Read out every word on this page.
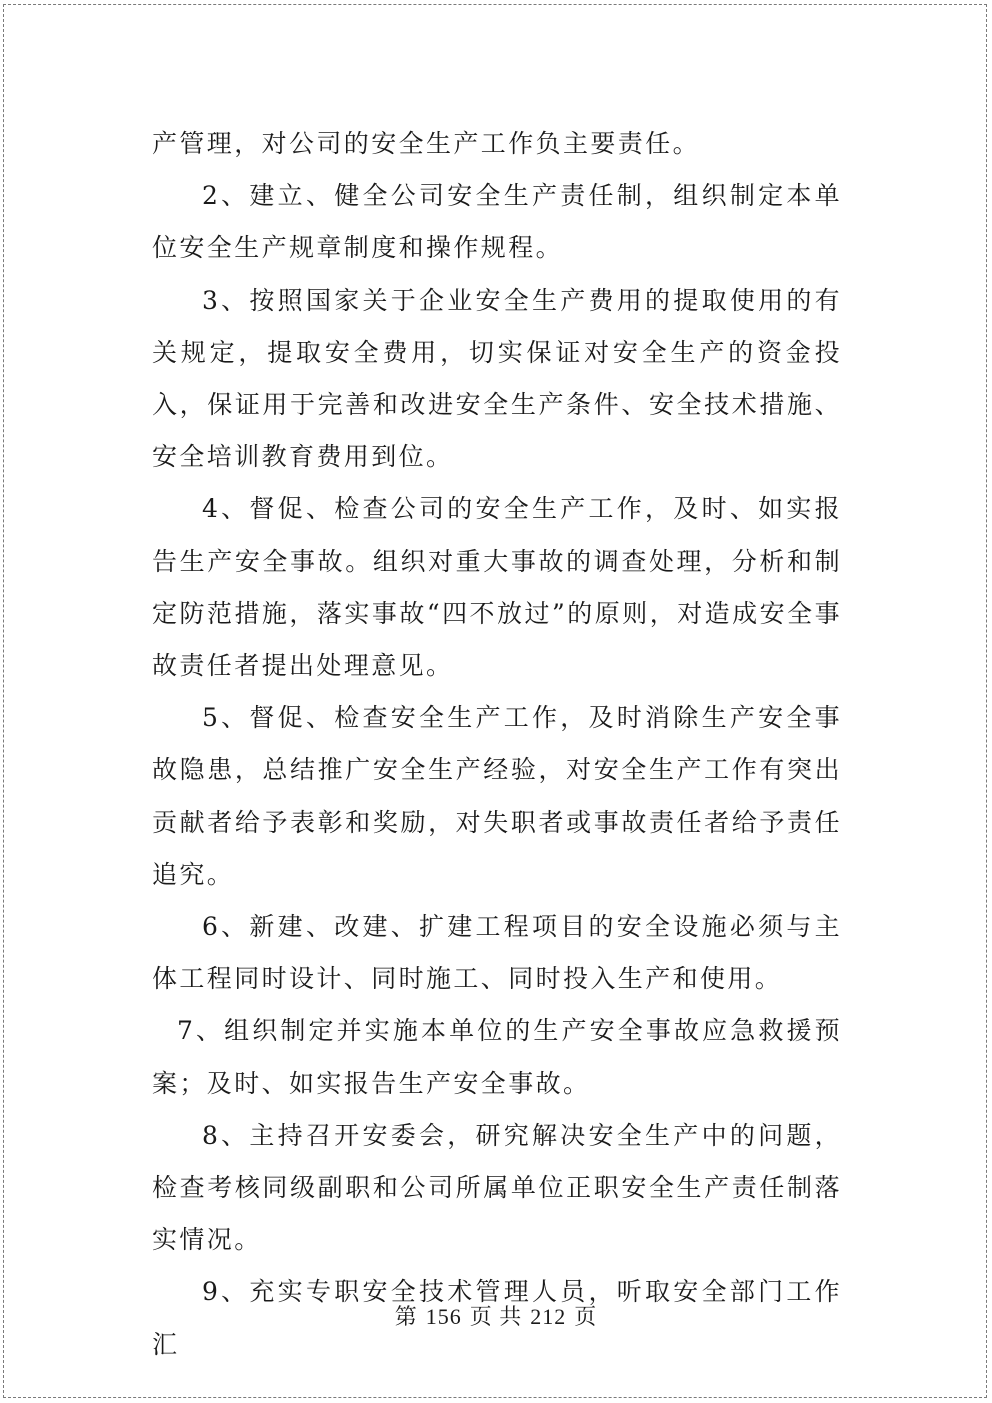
产管理，对公司的安全生产工作负主要责任。

2、建立、健全公司安全生产责任制，组织制定本单位安全生产规章制度和操作规程。

3、按照国家关于企业安全生产费用的提取使用的有关规定，提取安全费用，切实保证对安全生产的资金投入，保证用于完善和改进安全生产条件、安全技术措施、安全培训教育费用到位。

4、督促、检查公司的安全生产工作，及时、如实报告生产安全事故。组织对重大事故的调查处理，分析和制定防范措施，落实事故“四不放过”的原则，对造成安全事故责任者提出处理意见。

5、督促、检查安全生产工作，及时消除生产安全事故隐患，总结推广安全生产经验，对安全生产工作有突出贡献者给予表彰和奖励，对失职者或事故责任者给予责任追究。

6、新建、改建、扩建工程项目的安全设施必须与主体工程同时设计、同时施工、同时投入生产和使用。

7、组织制定并实施本单位的生产安全事故应急救援预案；及时、如实报告生产安全事故。

8、主持召开安委会，研究解决安全生产中的问题，检查考核同级副职和公司所属单位正职安全生产责任制落实情况。

9、充实专职安全技术管理人员，听取安全部门工作汇

第 156 页 共 212 页
